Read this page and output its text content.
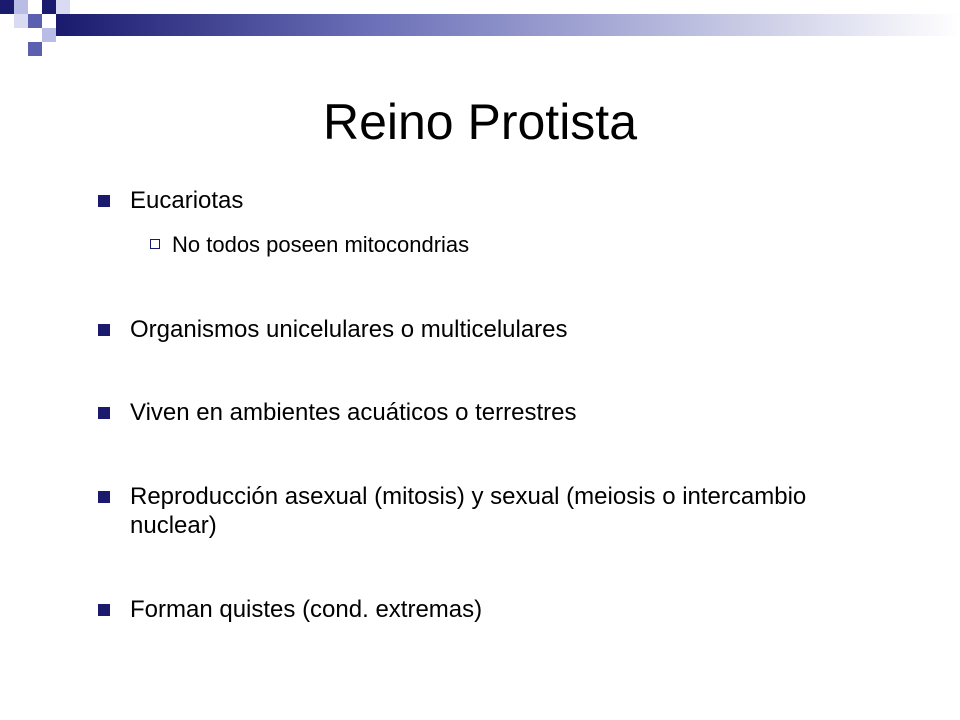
Reino Protista
Eucariotas
No todos poseen mitocondrias
Organismos unicelulares o multicelulares
Viven en ambientes acuáticos o terrestres
Reproducción asexual (mitosis) y sexual (meiosis o intercambio nuclear)
Forman quistes (cond. extremas)
